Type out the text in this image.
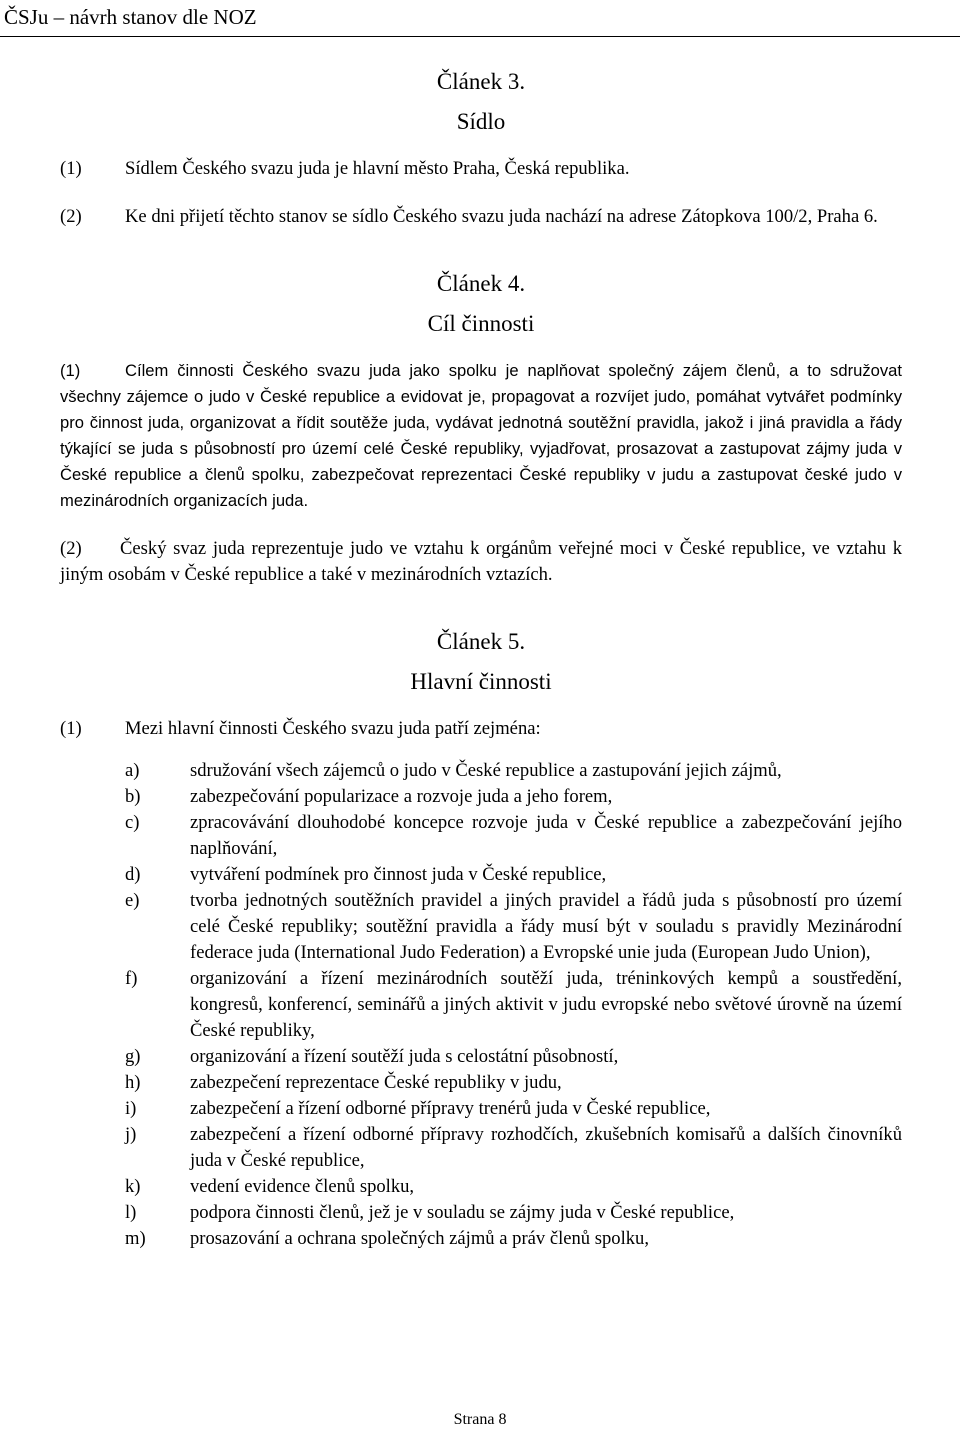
ČSJu – návrh stanov dle NOZ

Článek 3.

Sídlo

(1) Sídlem Českého svazu juda je hlavní město Praha, Česká republika.

(2) Ke dni přijetí těchto stanov se sídlo Českého svazu juda nachází na adrese Zátopkova 100/2, Praha 6.

Článek 4.

Cíl činnosti

(1)	Cílem činnosti Českého svazu juda jako spolku je naplňovat společný zájem členů, a to sdružovat všechny zájemce o judo v České republice a evidovat je, propagovat a rozvíjet judo, pomáhat vytvářet podmínky pro činnost juda, organizovat a řídit soutěže juda, vydávat jednotná soutěžní pravidla, jakož i jiná pravidla a řády týkající se juda s působností pro území celé České republiky, vyjadřovat, prosazovat a zastupovat zájmy juda v České republice a členů spolku, zabezpečovat reprezentaci České republiky v judu a zastupovat české judo v mezinárodních organizacích juda.

(2) Český svaz juda reprezentuje judo ve vztahu k orgánům veřejné moci v České republice, ve vztahu k jiným osobám v České republice a také v mezinárodních vztazích.

Článek 5.

Hlavní činnosti

(1) Mezi hlavní činnosti Českého svazu juda patří zejména:

a)	sdružování všech zájemců o judo v České republice a zastupování jejich zájmů,
b)	zabezpečování popularizace a rozvoje juda a jeho forem,
c)	zpracovávání dlouhodobé koncepce rozvoje juda v České republice a zabezpečování jejího naplňování,
d)	vytváření podmínek pro činnost juda v České republice,
e)	tvorba jednotných soutěžních pravidel a jiných pravidel a řádů juda s působností pro území celé České republiky; soutěžní pravidla a řády musí být v souladu s pravidly Mezinárodní federace juda (International Judo Federation) a Evropské unie juda (European Judo Union),
f)	organizování a řízení mezinárodních soutěží juda, tréninkových kempů a soustředění, kongresů, konferencí, seminářů a jiných aktivit v judu evropské nebo světové úrovně na území České republiky,
g)	organizování a řízení soutěží juda s celostátní působností,
h)	zabezpečení reprezentace České republiky v judu,
i)	zabezpečení a řízení odborné přípravy trenérů juda v České republice,
j)	zabezpečení a řízení odborné přípravy rozhodčích, zkušebních komisařů a dalších činovníků juda v České republice,
k)	vedení evidence členů spolku,
l)	podpora činnosti členů, jež je v souladu se zájmy juda v České republice,
m) prosazování a ochrana společných zájmů a práv členů spolku,
Strana 8
